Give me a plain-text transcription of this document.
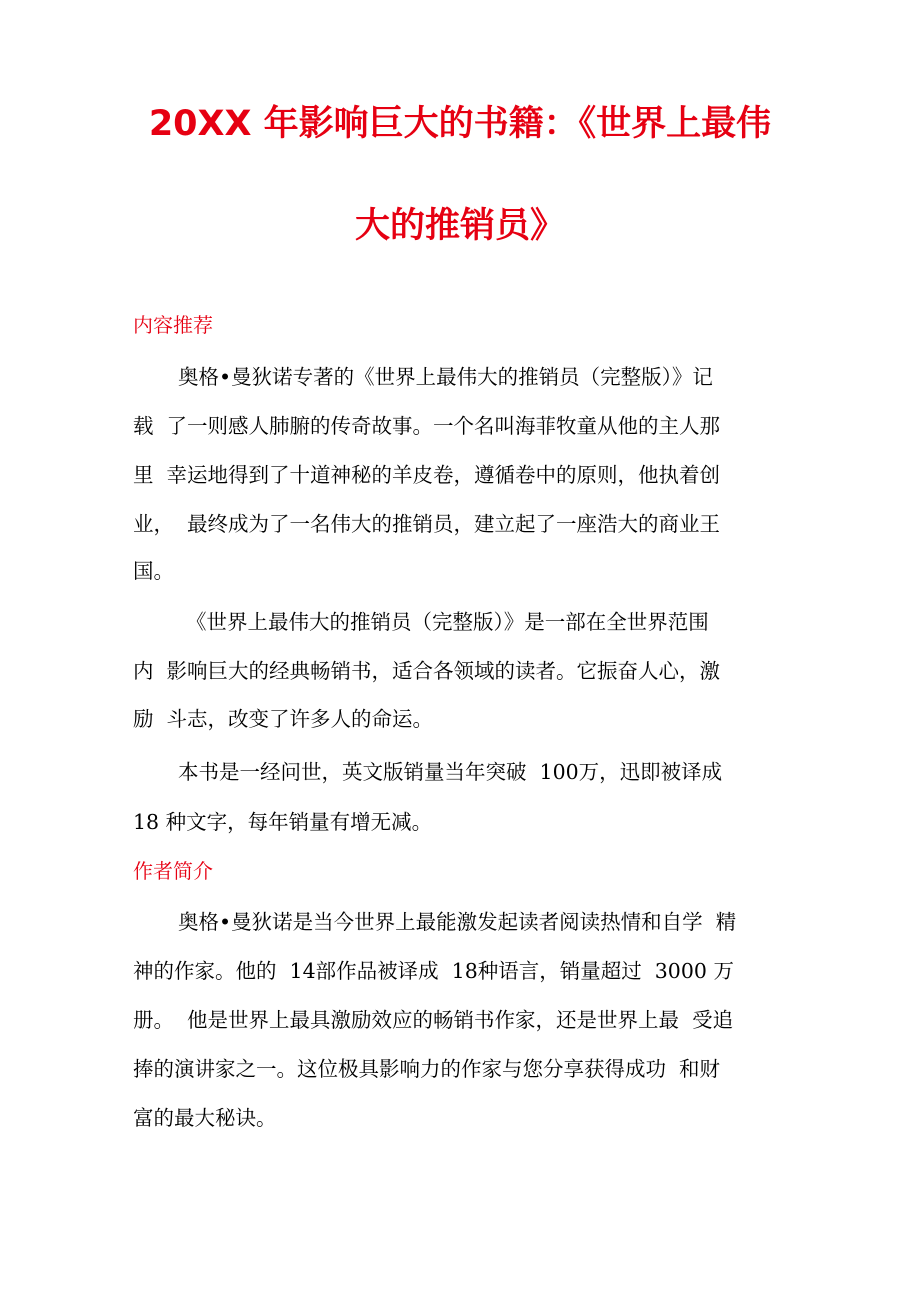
20XX 年影响巨大的书籍：《世界上最伟
大的推销员》
内容推荐
奥格•曼狄诺专著的《世界上最伟大的推销员（完整版）》记
载  了一则感人肺腑的传奇故事。一个名叫海菲牧童从他的主人那
里  幸运地得到了十道神秘的羊皮卷，遵循卷中的原则，他执着创
业，  最终成为了一名伟大的推销员，建立起了一座浩大的商业王
国。
《世界上最伟大的推销员（完整版）》是一部在全世界范围
内  影响巨大的经典畅销书，适合各领域的读者。它振奋人心，激
励  斗志，改变了许多人的命运。
本书是一经问世，英文版销量当年突破  100万，迅即被译成
18 种文字，每年销量有增无减。
作者简介
奥格•曼狄诺是当今世界上最能激发起读者阅读热情和自学  精
神的作家。他的  14部作品被译成  18种语言，销量超过  3000 万
册。  他是世界上最具激励效应的畅销书作家，还是世界上最  受追
捧的演讲家之一。这位极具影响力的作家与您分享获得成功  和财
富的最大秘诀。
